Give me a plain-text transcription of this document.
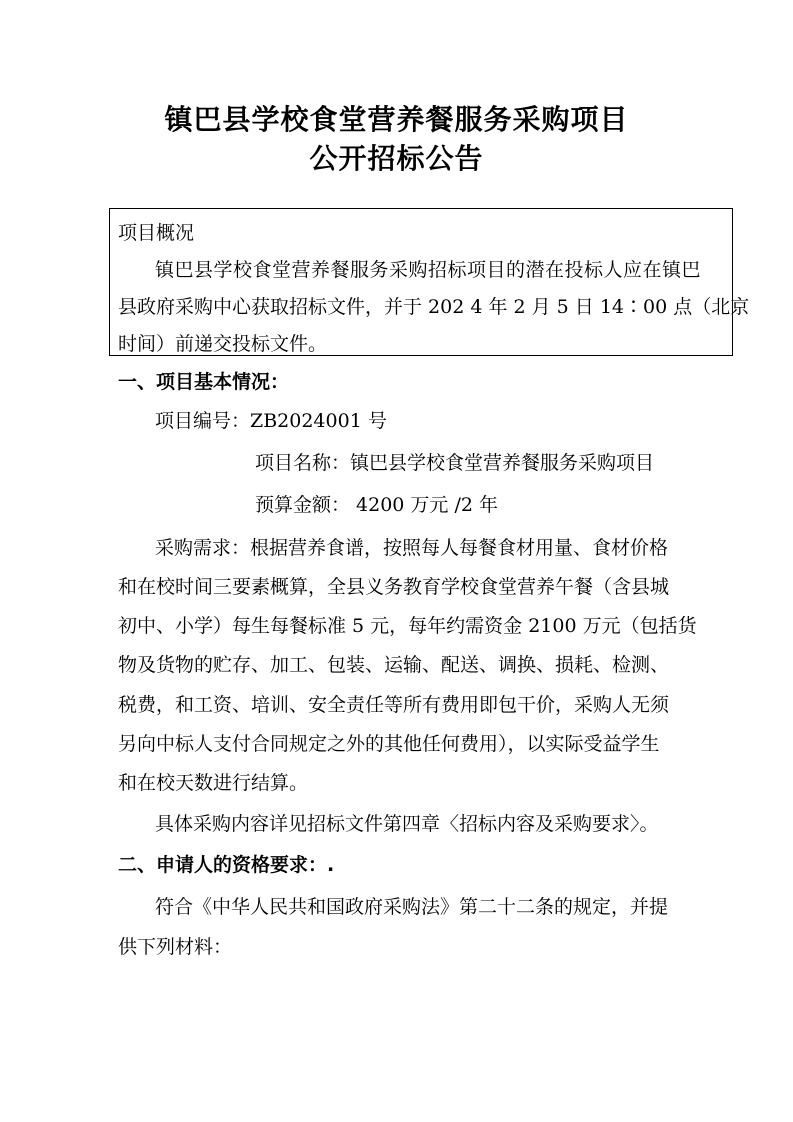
镇巴县学校食堂营养餐服务采购项目
公开招标公告
项目概况
镇巴县学校食堂营养餐服务采购招标项目的潜在投标人应在镇巴
县政府采购中心获取招标文件，并于 202 4 年 2 月 5 日 14∶00 点（北京
时间）前递交投标文件。
一、项目基本情况：
项目编号：ZB2024001 号
项目名称：镇巴县学校食堂营养餐服务采购项目
预算金额： 4200 万元 /2 年
采购需求：根据营养食谱，按照每人每餐食材用量、食材价格
和在校时间三要素概算，全县义务教育学校食堂营养午餐（含县城
初中、小学）每生每餐标准 5 元，每年约需资金 2100 万元（包括货
物及货物的贮存、加工、包装、运输、配送、调换、损耗、检测、
税费，和工资、培训、安全责任等所有费用即包干价，采购人无须
另向中标人支付合同规定之外的其他任何费用），以实际受益学生
和在校天数进行结算。
具体采购内容详见招标文件第四章〈招标内容及采购要求〉。
二、申请人的资格要求：.
符合《中华人民共和国政府采购法》第二十二条的规定，并提
供下列材料：
